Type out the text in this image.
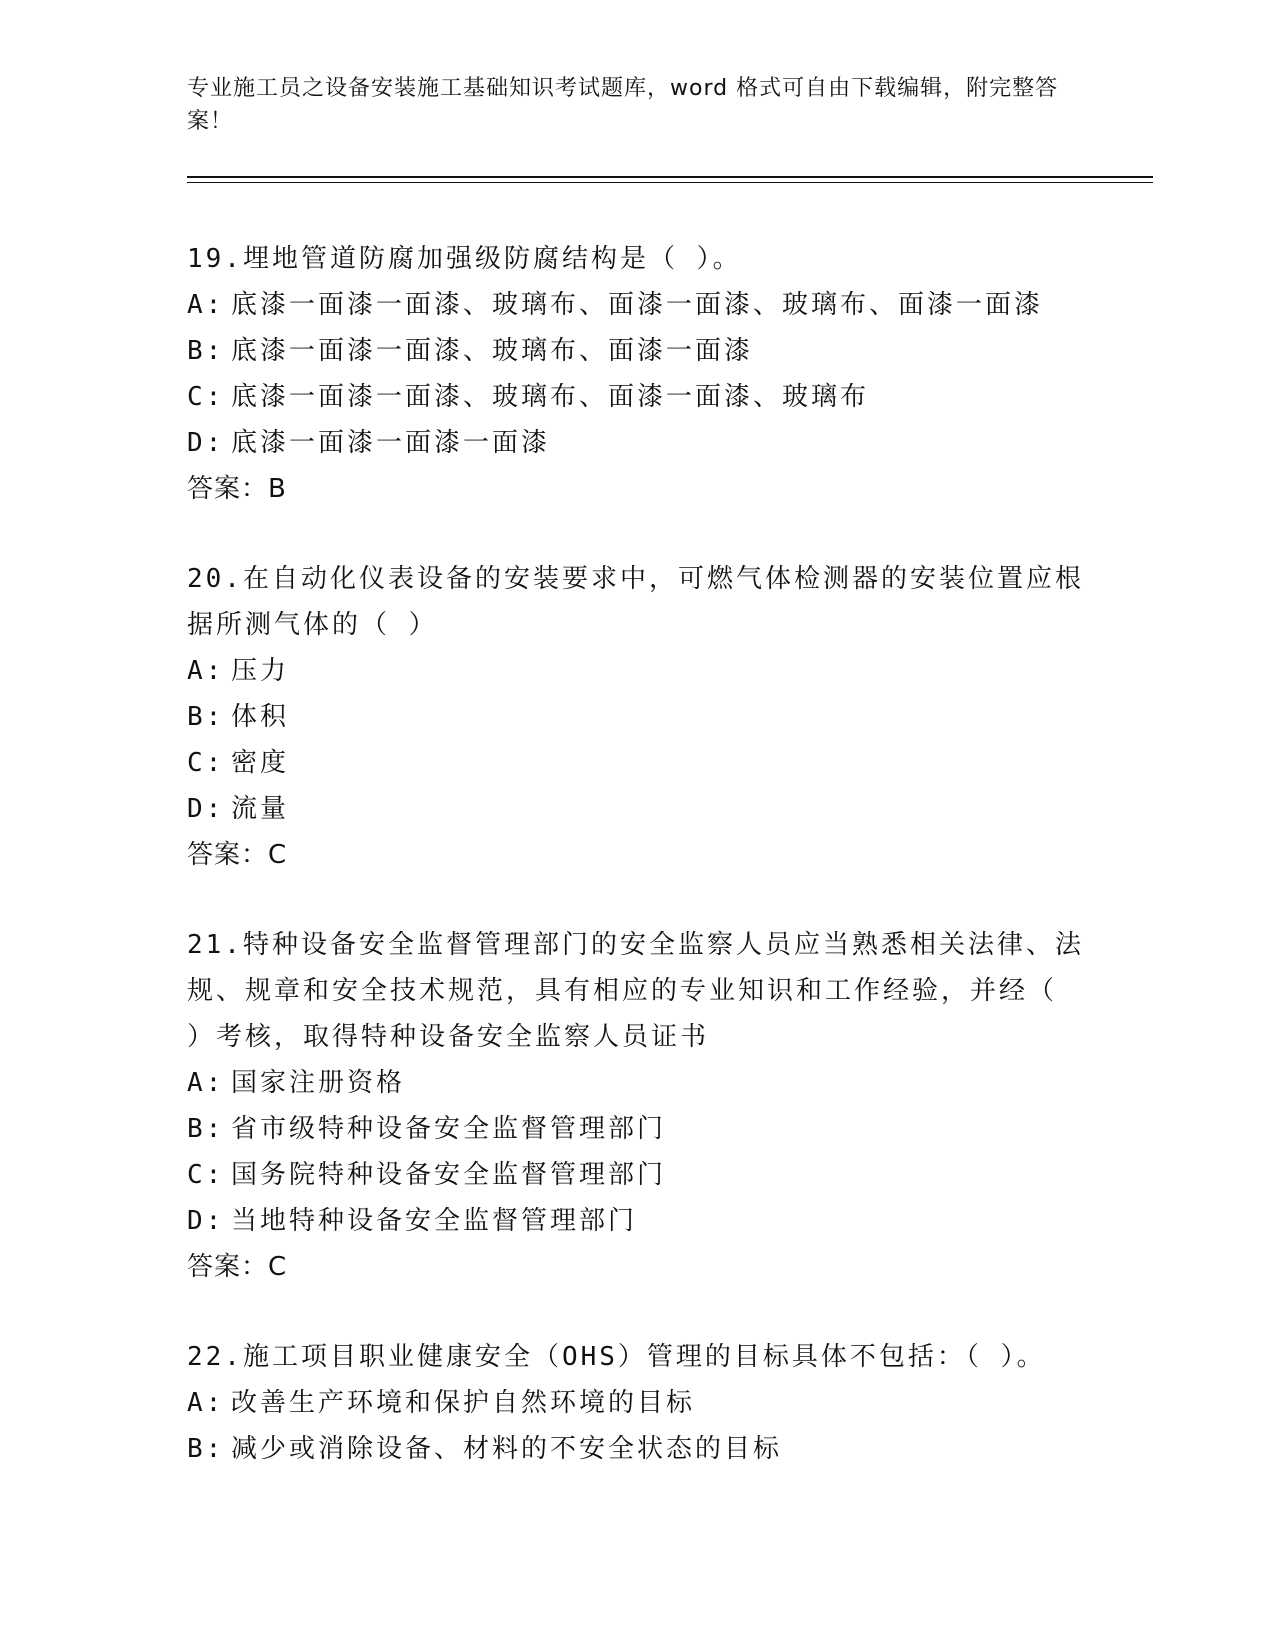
专业施工员之设备安装施工基础知识考试题库，word 格式可自由下载编辑，附完整答案！
19.埋地管道防腐加强级防腐结构是（ ）。
A: 底漆一面漆一面漆、玻璃布、面漆一面漆、玻璃布、面漆一面漆
B: 底漆一面漆一面漆、玻璃布、面漆一面漆
C: 底漆一面漆一面漆、玻璃布、面漆一面漆、玻璃布
D: 底漆一面漆一面漆一面漆
答案：B
20.在自动化仪表设备的安装要求中，可燃气体检测器的安装位置应根据所测气体的（ ）
A: 压力
B: 体积
C: 密度
D: 流量
答案：C
21.特种设备安全监督管理部门的安全监察人员应当熟悉相关法律、法规、规章和安全技术规范，具有相应的专业知识和工作经验，并经（ ）考核，取得特种设备安全监察人员证书
A: 国家注册资格
B: 省市级特种设备安全监督管理部门
C: 国务院特种设备安全监督管理部门
D: 当地特种设备安全监督管理部门
答案：C
22.施工项目职业健康安全（OHS）管理的目标具体不包括：（ ）。
A: 改善生产环境和保护自然环境的目标
B: 减少或消除设备、材料的不安全状态的目标
